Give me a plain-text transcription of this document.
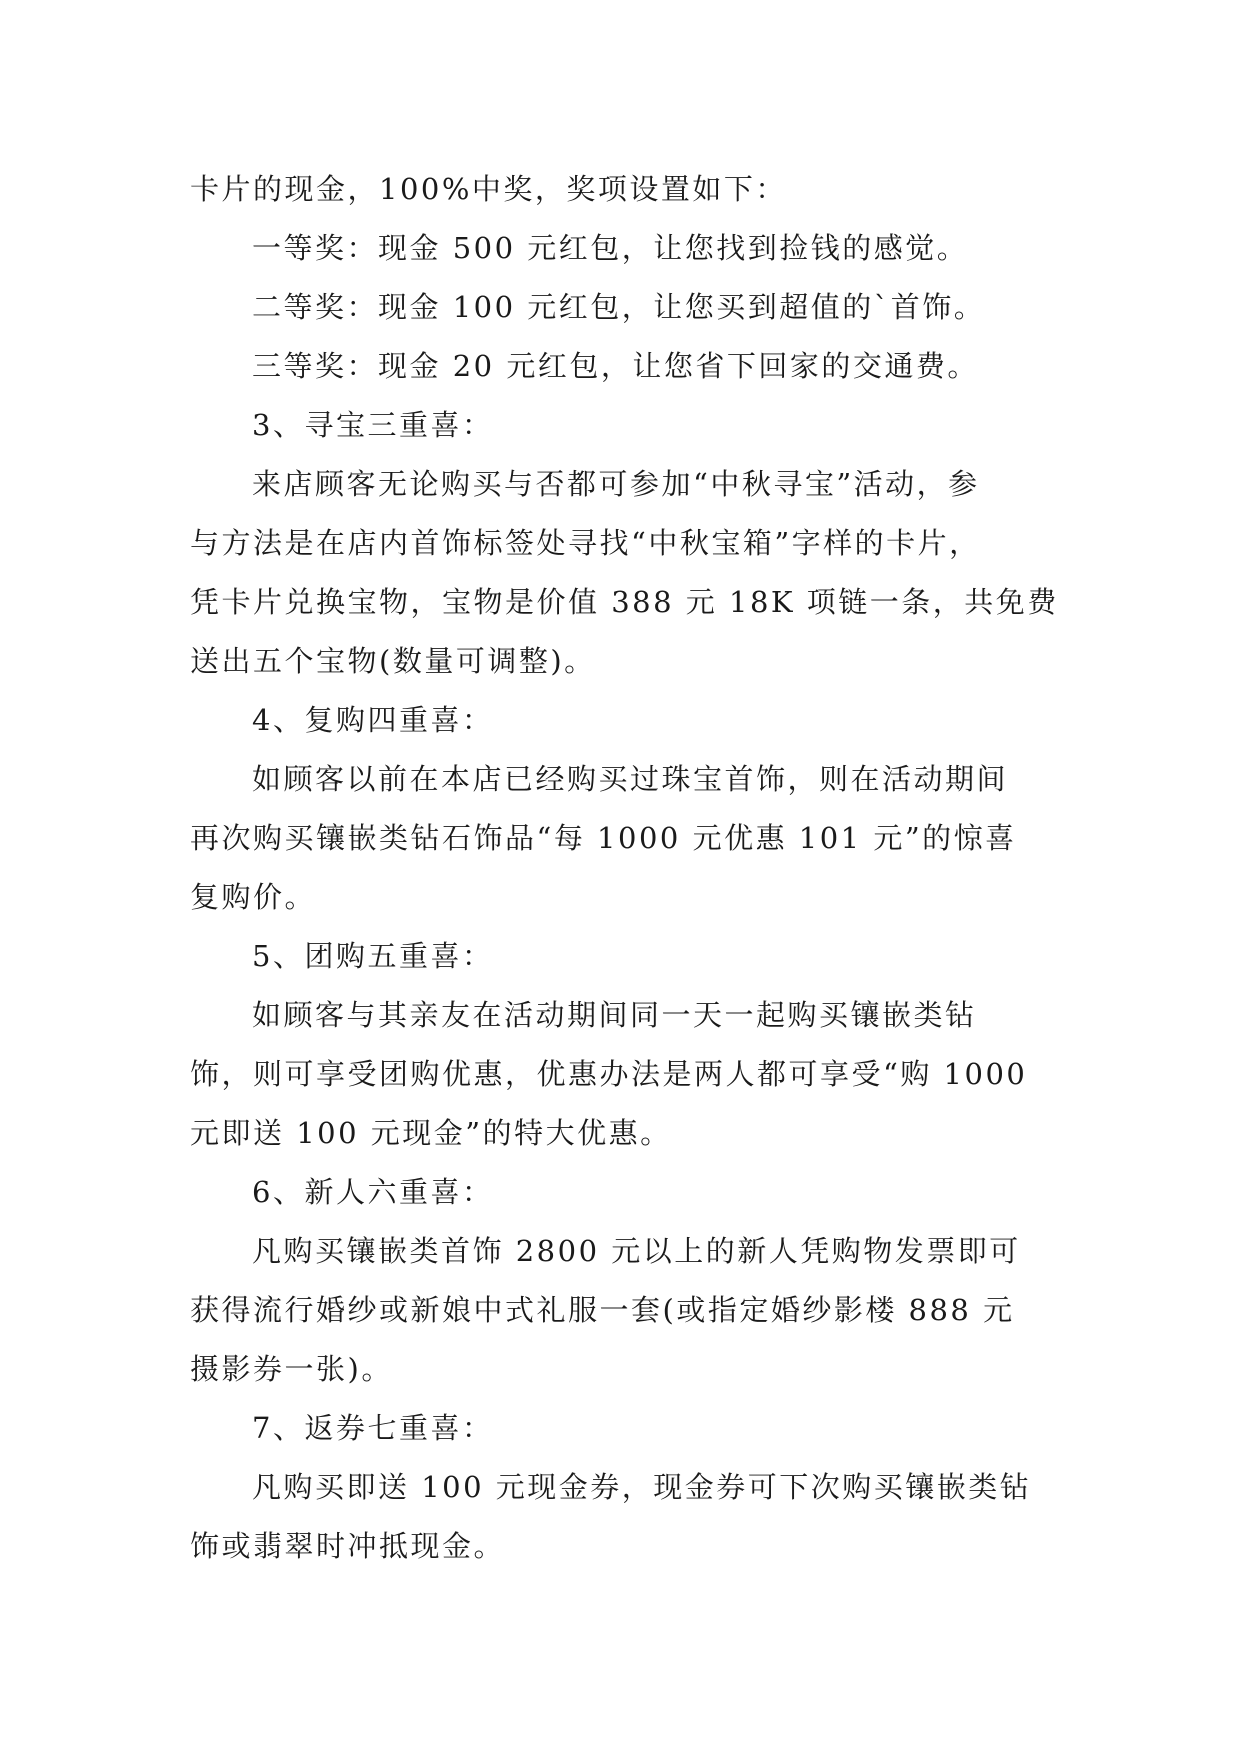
卡片的现金，100%中奖，奖项设置如下：
一等奖：现金 500 元红包，让您找到捡钱的感觉。
二等奖：现金 100 元红包，让您买到超值的`首饰。
三等奖：现金 20 元红包，让您省下回家的交通费。
3、寻宝三重喜：
来店顾客无论购买与否都可参加“中秋寻宝”活动，参
与方法是在店内首饰标签处寻找“中秋宝箱”字样的卡片，
凭卡片兑换宝物，宝物是价值 388 元 18K 项链一条，共免费
送出五个宝物(数量可调整)。
4、复购四重喜：
如顾客以前在本店已经购买过珠宝首饰，则在活动期间
再次购买镶嵌类钻石饰品“每 1000 元优惠 101 元”的惊喜
复购价。
5、团购五重喜：
如顾客与其亲友在活动期间同一天一起购买镶嵌类钻
饰，则可享受团购优惠，优惠办法是两人都可享受“购 1000
元即送 100 元现金”的特大优惠。
6、新人六重喜：
凡购买镶嵌类首饰 2800 元以上的新人凭购物发票即可
获得流行婚纱或新娘中式礼服一套(或指定婚纱影楼 888 元
摄影券一张)。
7、返券七重喜：
凡购买即送 100 元现金券，现金券可下次购买镶嵌类钻
饰或翡翠时冲抵现金。
